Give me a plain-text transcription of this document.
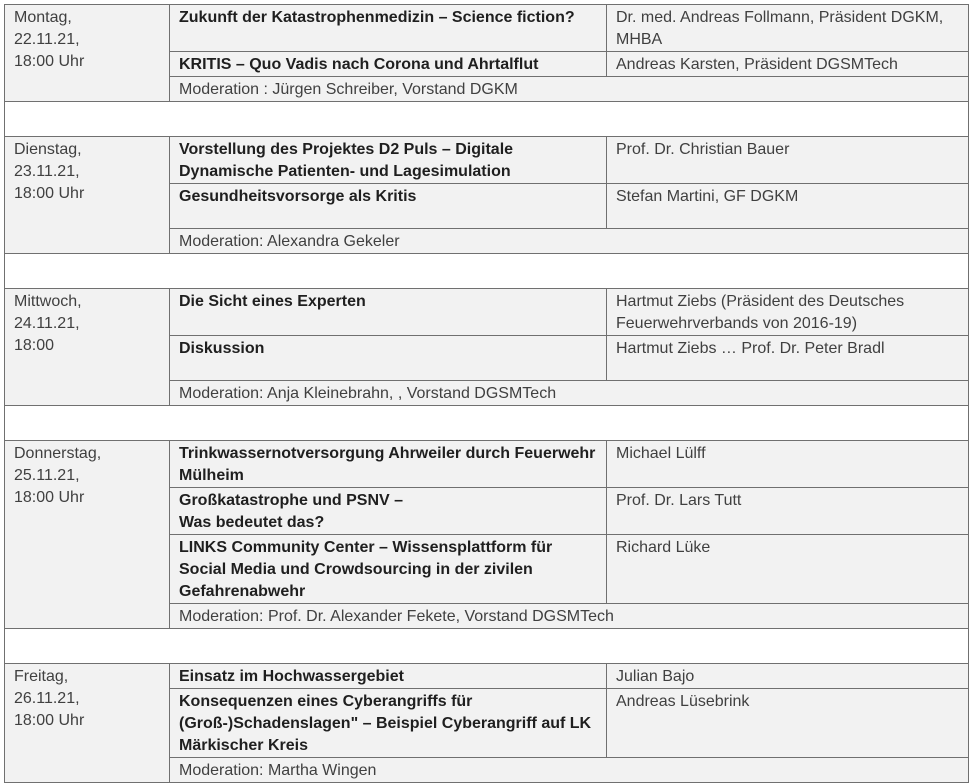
Montag,
22.11.21,
18:00 Uhr	Zukunft der Katastrophenmedizin – Science fiction?	Dr. med. Andreas Follmann, Präsident DGKM, MHBA
	KRITIS – Quo Vadis nach Corona und Ahrtalflut	Andreas Karsten, Präsident DGSMTech
	Moderation : Jürgen Schreiber, Vorstand DGKM	

Dienstag,
23.11.21,
18:00 Uhr	Vorstellung des Projektes D2 Puls – Digitale Dynamische Patienten- und Lagesimulation	Prof. Dr. Christian Bauer
	Gesundheitsvorsorge als Kritis	Stefan Martini, GF DGKM
	Moderation: Alexandra Gekeler	

Mittwoch,
24.11.21,
18:00	Die Sicht eines Experten	Hartmut Ziebs (Präsident des Deutsches Feuerwehrverbands von 2016-19)
	Diskussion	Hartmut Ziebs … Prof. Dr. Peter Bradl
	Moderation: Anja Kleinebrahn, , Vorstand DGSMTech	

Donnerstag,
25.11.21,
18:00 Uhr	Trinkwassernotversorgung Ahrweiler durch Feuerwehr Mülheim	Michael Lülff
	Großkatastrophe und PSNV –
Was bedeutet das?	Prof. Dr. Lars Tutt
	LINKS Community Center – Wissensplattform für Social Media und Crowdsourcing in der zivilen Gefahrenabwehr	Richard Lüke
	Moderation: Prof. Dr. Alexander Fekete, Vorstand DGSMTech	

Freitag,
26.11.21,
18:00 Uhr	Einsatz im Hochwassergebiet	Julian Bajo
	Konsequenzen eines Cyberangriffs für (Groß-)Schadenslagen" – Beispiel Cyberangriff auf LK Märkischer Kreis	Andreas Lüsebrink
	Moderation: Martha Wingen	
